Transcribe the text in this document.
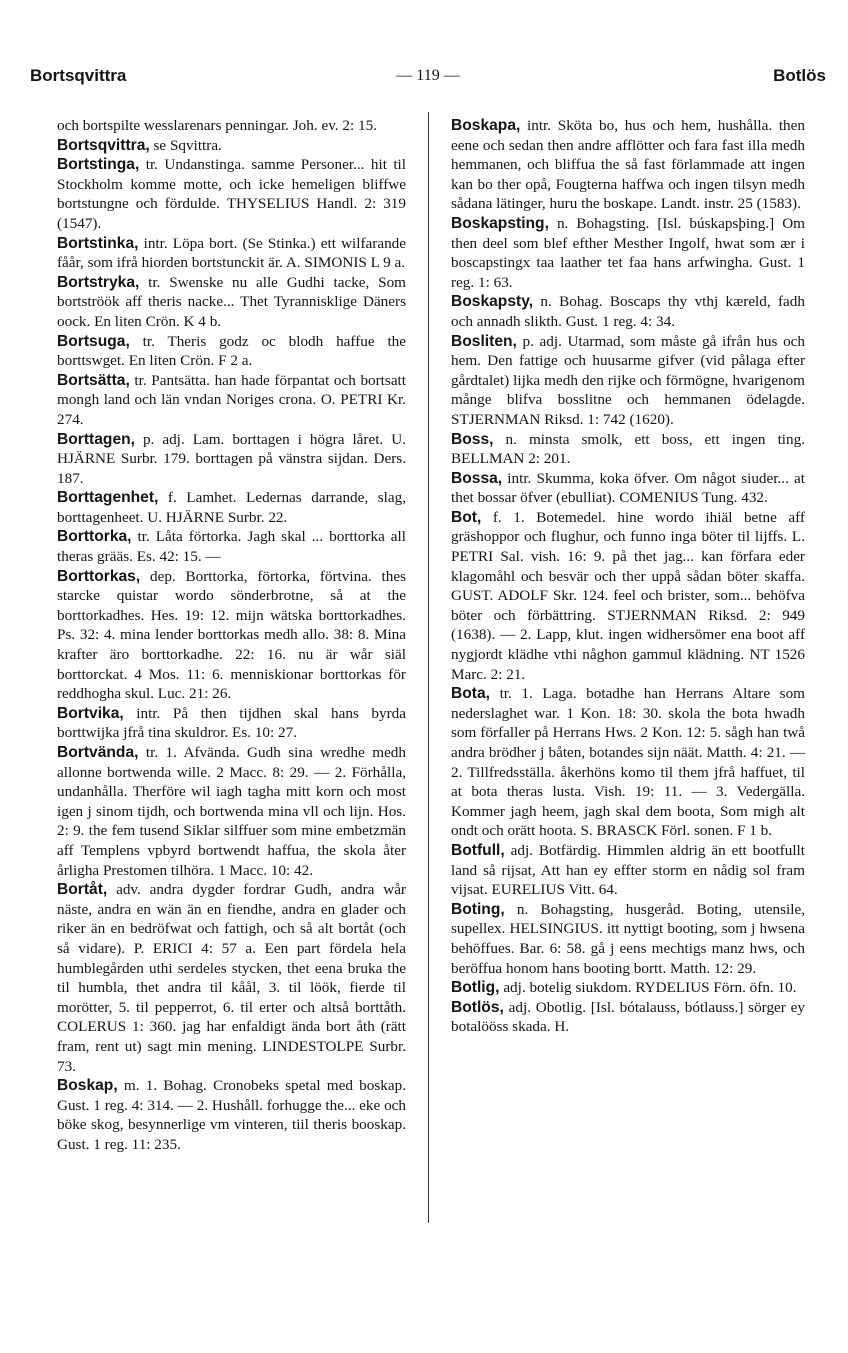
Bortsqvittra	— 119 —	Botlös

och bortspilte wesslarenars penningar. Joh. ev. 2: 15.

Bortsqvittra, se Sqvittra.

Bortstinga, tr. Undanstinga. samme Personer... hit til Stockholm komme motte, och icke hemeligen bliffwe bortstungne och fördulde. THYSELIUS Handl. 2: 319 (1547).

Bortstinka, intr. Löpa bort. (Se Stinka.) ett wilfarande fåår, som ifrå hiorden bortstunckit är. A. SIMONIS L 9 a.

Bortstryka, tr. Swenske nu alle Gudhi tacke, Som bortströök aff theris nacke... Thet Tyrannisklige Däners oock. En liten Crön. K 4 b.

Bortsuga, tr. Theris godz oc blodh haffue the borttswget. En liten Crön. F 2 a.

Bortsätta, tr. Pantsätta. han hade förpantat och bortsatt mongh land och län vndan Noriges crona. O. PETRI Kr. 274.

Borttagen, p. adj. Lam. borttagen i högra låret. U. HJÄRNE Surbr. 179. borttagen på vänstra sijdan. Ders. 187.

Borttagenhet, f. Lamhet. Ledernas darrande, slag, borttagenheet. U. HJÄRNE Surbr. 22.

Borttorka, tr. Låta förtorka. Jagh skal ... borttorka all theras grääs. Es. 42: 15. —

Borttorkas, dep. Borttorka, förtorka, förtvina. thes starcke quistar wordo sönderbrotne, så at the borttorkadhes. Hes. 19: 12. mijn wätska borttorkadhes. Ps. 32: 4. mina lender borttorkas medh allo. 38: 8. Mina krafter äro borttorkadhe. 22: 16. nu är wår siäl borttorckat. 4 Mos. 11: 6. menniskionar borttorkas för reddhogha skul. Luc. 21: 26.

Bortvika, intr. På then tijdhen skal hans byrda borttwijka jfrå tina skuldror. Es. 10: 27.

Bortvända, tr. 1. Afvända. Gudh sina wredhe medh allonne bortwenda wille. 2 Macc. 8: 29. — 2. Förhålla, undanhålla. Therföre wil iagh tagha mitt korn och most igen j sinom tijdh, och bortwenda mina vll och lijn. Hos. 2: 9. the fem tusend Siklar silffuer som mine embetzmän aff Templens vpbyrd bortwendt haffua, the skola åter årligha Prestomen tilhöra. 1 Macc. 10: 42.

Bortåt, adv. andra dygder fordrar Gudh, andra wår näste, andra en wän än en fiendhe, andra en glader och riker än en bedröfwat och fattigh, och så alt bortåt (och så vidare). P. ERICI 4: 57 a. Een part fördela hela humblegården uthi serdeles stycken, thet eena bruka the til humbla, thet andra til kåål, 3. til löök, fierde til morötter, 5. til pepperrot, 6. til erter och altså borttåth. COLERUS 1: 360. jag har enfaldigt ända bort åth (rätt fram, rent ut) sagt min mening. LINDESTOLPE Surbr. 73.

Boskap, m. 1. Bohag. Cronobeks spetal med boskap. Gust. 1 reg. 4: 314. — 2. Hushåll. forhugge the... eke och böke skog, besynnerlige vm vinteren, tiil theris booskap. Gust. 1 reg. 11: 235.

Boskapa, intr. Sköta bo, hus och hem, hushålla. then eene och sedan then andre afflötter och fara fast illa medh hemmanen, och bliffua the så fast förlammade att ingen kan bo ther opå, Fougterna haffwa och ingen tilsyn medh sådana lätinger, huru the boskape. Landt. instr. 25 (1583).

Boskapsting, n. Bohagsting. [Isl. búskapsþing.] Om then deel som blef efther Mesther Ingolf, hwat som ær i boscapstingx taa laather tet faa hans arfwingha. Gust. 1 reg. 1: 63.

Boskapsty, n. Bohag. Boscaps thy vthj kæreld, fadh och annadh slikth. Gust. 1 reg. 4: 34.

Bosliten, p. adj. Utarmad, som måste gå ifrån hus och hem. Den fattige och huusarme gifver (vid pålaga efter gårdtalet) lijka medh den rijke och förmögne, hvarigenom månge blifva bosslitne och hemmanen ödelagde. STJERNMAN Riksd. 1: 742 (1620).

Boss, n. minsta smolk, ett boss, ett ingen ting. BELLMAN 2: 201.

Bossa, intr. Skumma, koka öfver. Om något siuder... at thet bossar öfver (ebulliat). COMENIUS Tung. 432.

Bot, f. 1. Botemedel. hine wordo ihiäl betne aff gräshoppor och flughur, och funno inga böter til lijffs. L. PETRI Sal. vish. 16: 9. på thet jag... kan förfara eder klagomåhl och besvär och ther uppå sådan böter skaffa. GUST. ADOLF Skr. 124. feel och brister, som... behöfva böter och förbättring. STJERNMAN Riksd. 2: 949 (1638). — 2. Lapp, klut. ingen widhersömer ena boot aff nygjordt klädhe vthi någhon gammul klädning. NT 1526 Marc. 2: 21.

Bota, tr. 1. Laga. botadhe han Herrans Altare som nederslaghet war. 1 Kon. 18: 30. skola the bota hwadh som förfaller på Herrans Hws. 2 Kon. 12: 5. sågh han twå andra brödher j båten, botandes sijn näät. Matth. 4: 21. — 2. Tillfredsställa. åkerhöns komo til them jfrå haffuet, til at bota theras lusta. Vish. 19: 11. — 3. Vedergälla. Kommer jagh heem, jagh skal dem boota, Som migh alt ondt och orätt hoota. S. BRASCK Förl. sonen. F 1 b.

Botfull, adj. Botfärdig. Himmlen aldrig än ett bootfullt land så rijsat, Att han ey effter storm en nådig sol fram vijsat. EURELIUS Vitt. 64.

Boting, n. Bohagsting, husgeråd. Boting, utensile, supellex. HELSINGIUS. itt nyttigt booting, som j hwsena behöffues. Bar. 6: 58. gå j eens mechtigs manz hws, och beröffua honom hans booting bortt. Matth. 12: 29.

Botlig, adj. botelig siukdom. RYDELIUS Förn. öfn. 10.

Botlös, adj. Obotlig. [Isl. bótalauss, bótlauss.] sörger ey botalööss skada. H.
